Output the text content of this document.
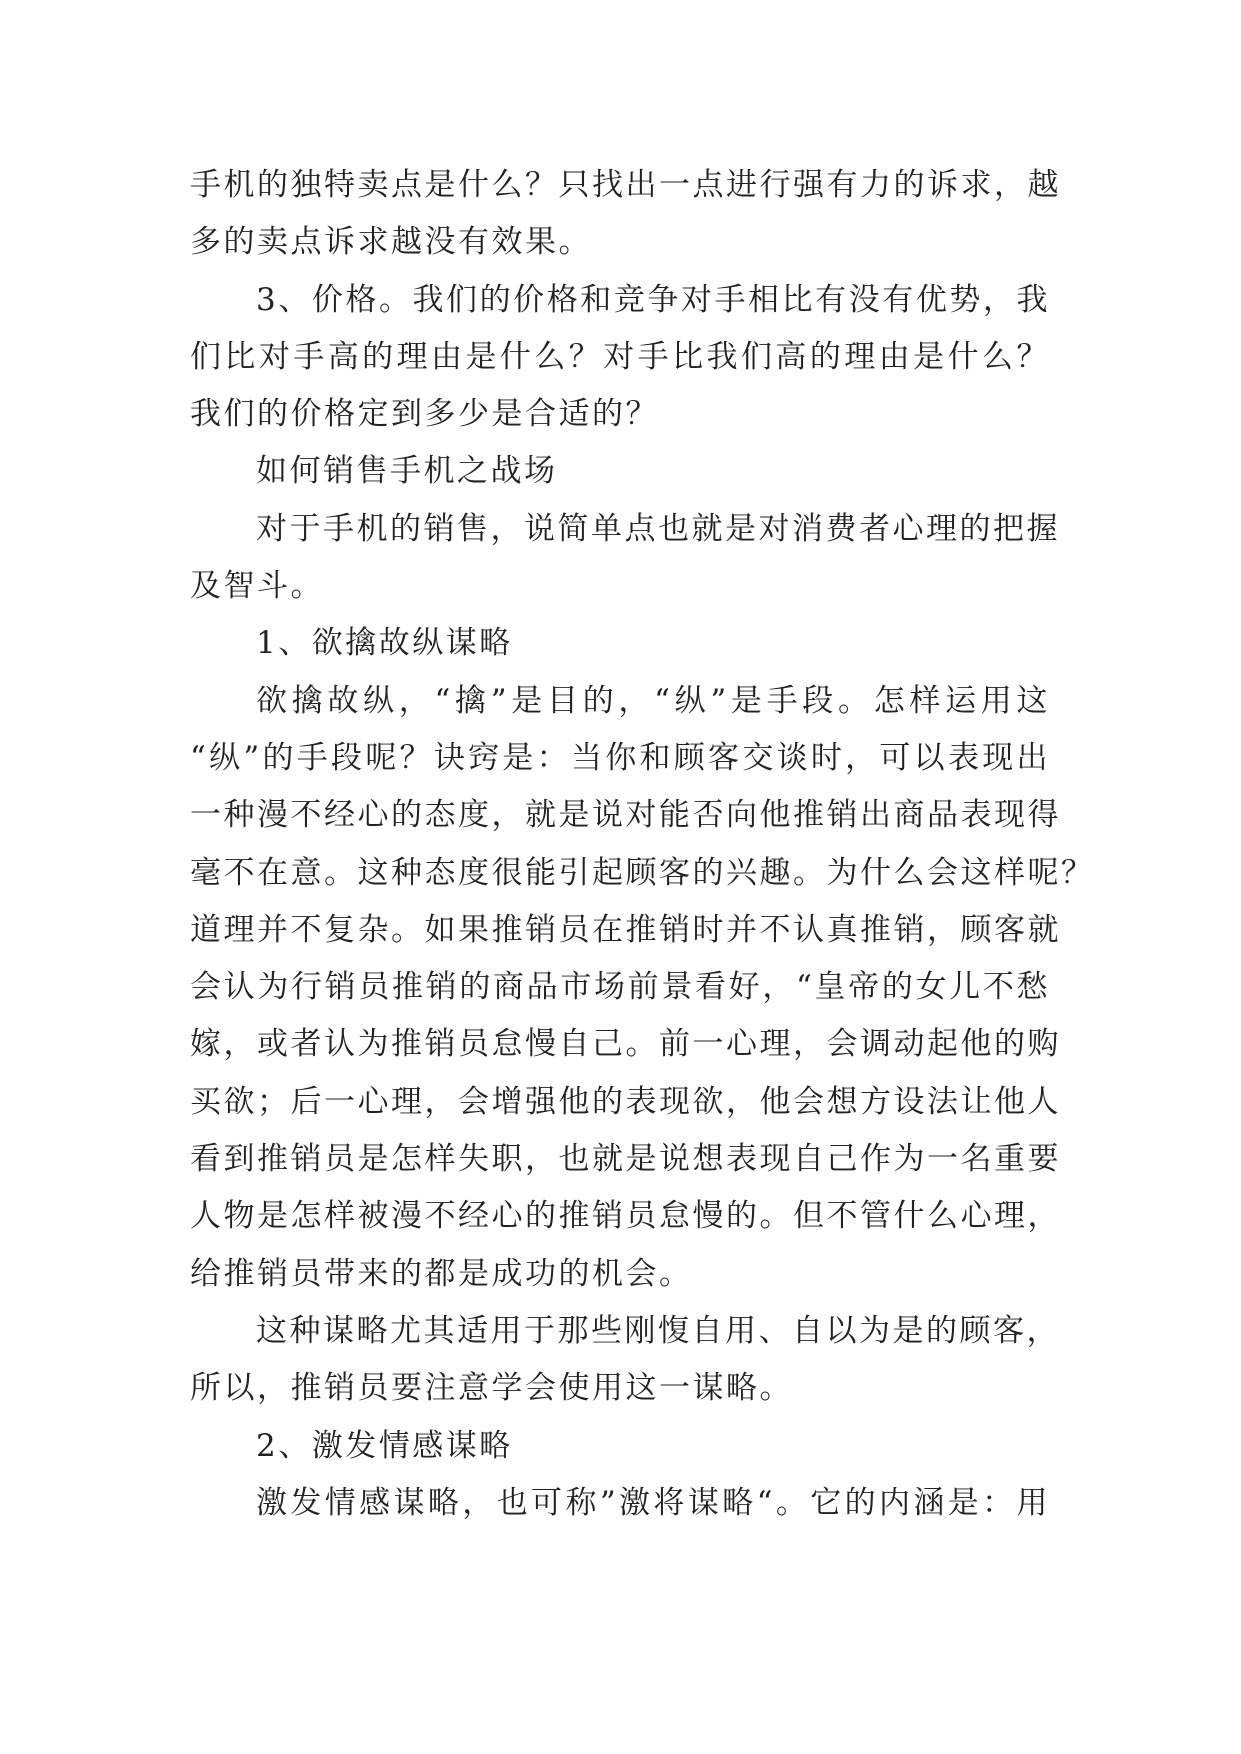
手机的独特卖点是什么？只找出一点进行强有力的诉求，越
多的卖点诉求越没有效果。
3、价格。我们的价格和竞争对手相比有没有优势，我
们比对手高的理由是什么？对手比我们高的理由是什么？
我们的价格定到多少是合适的？
如何销售手机之战场
对于手机的销售，说简单点也就是对消费者心理的把握
及智斗。
1、欲擒故纵谋略
欲擒故纵，“擒”是目的，“纵”是手段。怎样运用这
“纵”的手段呢？诀窍是：当你和顾客交谈时，可以表现出
一种漫不经心的态度，就是说对能否向他推销出商品表现得
毫不在意。这种态度很能引起顾客的兴趣。为什么会这样呢？
道理并不复杂。如果推销员在推销时并不认真推销，顾客就
会认为行销员推销的商品市场前景看好，“皇帝的女儿不愁
嫁，或者认为推销员怠慢自己。前一心理，会调动起他的购
买欲；后一心理，会增强他的表现欲，他会想方设法让他人
看到推销员是怎样失职，也就是说想表现自己作为一名重要
人物是怎样被漫不经心的推销员怠慢的。但不管什么心理，
给推销员带来的都是成功的机会。
这种谋略尤其适用于那些刚愎自用、自以为是的顾客，
所以，推销员要注意学会使用这一谋略。
2、激发情感谋略
激发情感谋略，也可称”激将谋略“。它的内涵是：用
